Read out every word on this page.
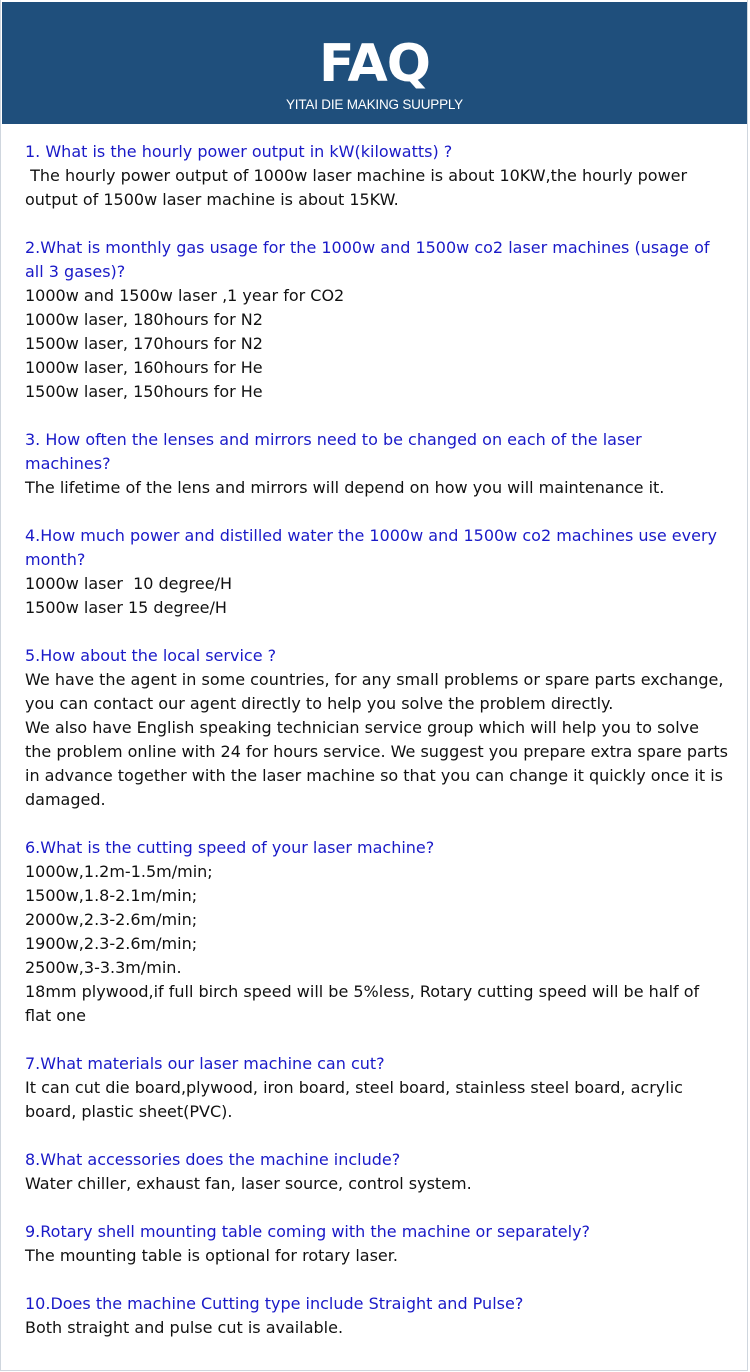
FAQ
YITAI DIE MAKING SUUPPLY
1. What is the hourly power output in kW(kilowatts) ?
The hourly power output of 1000w laser machine is about 10KW,the hourly power output of 1500w laser machine is about 15KW.
2.What is monthly gas usage for the 1000w and 1500w co2 laser machines (usage of all 3 gases)?
1000w and 1500w laser ,1 year for CO2
1000w laser, 180hours for N2
1500w laser, 170hours for N2
1000w laser, 160hours for He
1500w laser, 150hours for He
3. How often the lenses and mirrors need to be changed on each of the laser machines?
The lifetime of the lens and mirrors will depend on how you will maintenance it.
4.How much power and distilled water the 1000w and 1500w co2 machines use every month?
1000w laser  10 degree/H
1500w laser 15 degree/H
5.How about the local service ?
We have the agent in some countries, for any small problems or spare parts exchange, you can contact our agent directly to help you solve the problem directly.
We also have English speaking technician service group which will help you to solve the problem online with 24 for hours service. We suggest you prepare extra spare parts in advance together with the laser machine so that you can change it quickly once it is damaged.
6.What is the cutting speed of your laser machine?
1000w,1.2m-1.5m/min;
1500w,1.8-2.1m/min;
2000w,2.3-2.6m/min;
1900w,2.3-2.6m/min;
2500w,3-3.3m/min.
18mm plywood,if full birch speed will be 5%less, Rotary cutting speed will be half of flat one
7.What materials our laser machine can cut?
It can cut die board,plywood, iron board, steel board, stainless steel board, acrylic board, plastic sheet(PVC).
8.What accessories does the machine include?
Water chiller, exhaust fan, laser source, control system.
9.Rotary shell mounting table coming with the machine or separately?
The mounting table is optional for rotary laser.
10.Does the machine Cutting type include Straight and Pulse?
Both straight and pulse cut is available.
